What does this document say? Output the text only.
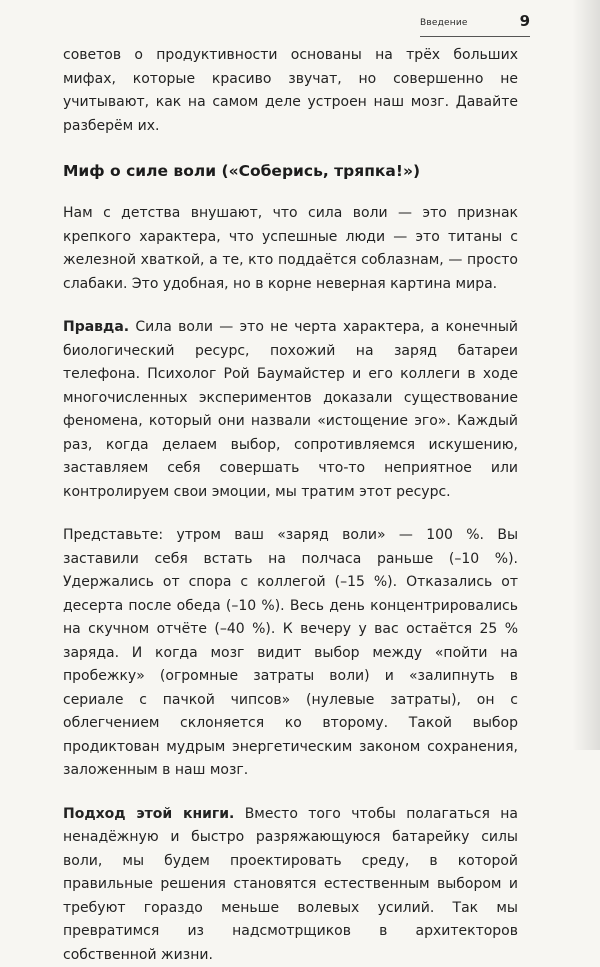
Введение	9

советов о продуктивности основаны на трёх больших мифах, которые красиво звучат, но совершенно не учитывают, как на самом деле устроен наш мозг. Давайте разберём их.

Миф о силе воли («Соберись, тряпка!»)

Нам с детства внушают, что сила воли — это признак крепкого характера, что успешные люди — это титаны с железной хваткой, а те, кто поддаётся соблазнам, — просто слабаки. Это удобная, но в корне неверная картина мира.

Правда. Сила воли — это не черта характера, а конечный биологический ресурс, похожий на заряд батареи телефона. Психолог Рой Баумайстер и его коллеги в ходе многочисленных экспериментов доказали существование феномена, который они назвали «истощение эго». Каждый раз, когда делаем выбор, сопротивляемся искушению, заставляем себя совершать что-то неприятное или контролируем свои эмоции, мы тратим этот ресурс.

Представьте: утром ваш «заряд воли» — 100 %. Вы заставили себя встать на полчаса раньше (–10 %). Удержались от спора с коллегой (–15 %). Отказались от десерта после обеда (–10 %). Весь день концентрировались на скучном отчёте (–40 %). К вечеру у вас остаётся 25 % заряда. И когда мозг видит выбор между «пойти на пробежку» (огромные затраты воли) и «залипнуть в сериале с пачкой чипсов» (нулевые затраты), он с облегчением склоняется ко второму. Такой выбор продиктован мудрым энергетическим законом сохранения, заложенным в наш мозг.

Подход этой книги. Вместо того чтобы полагаться на ненадёжную и быстро разряжающуюся батарейку силы воли, мы будем проектировать среду, в которой правильные решения становятся естественным выбором и требуют гораздо меньше волевых усилий. Так мы превратимся из надсмотрщиков в архитекторов собственной жизни.
